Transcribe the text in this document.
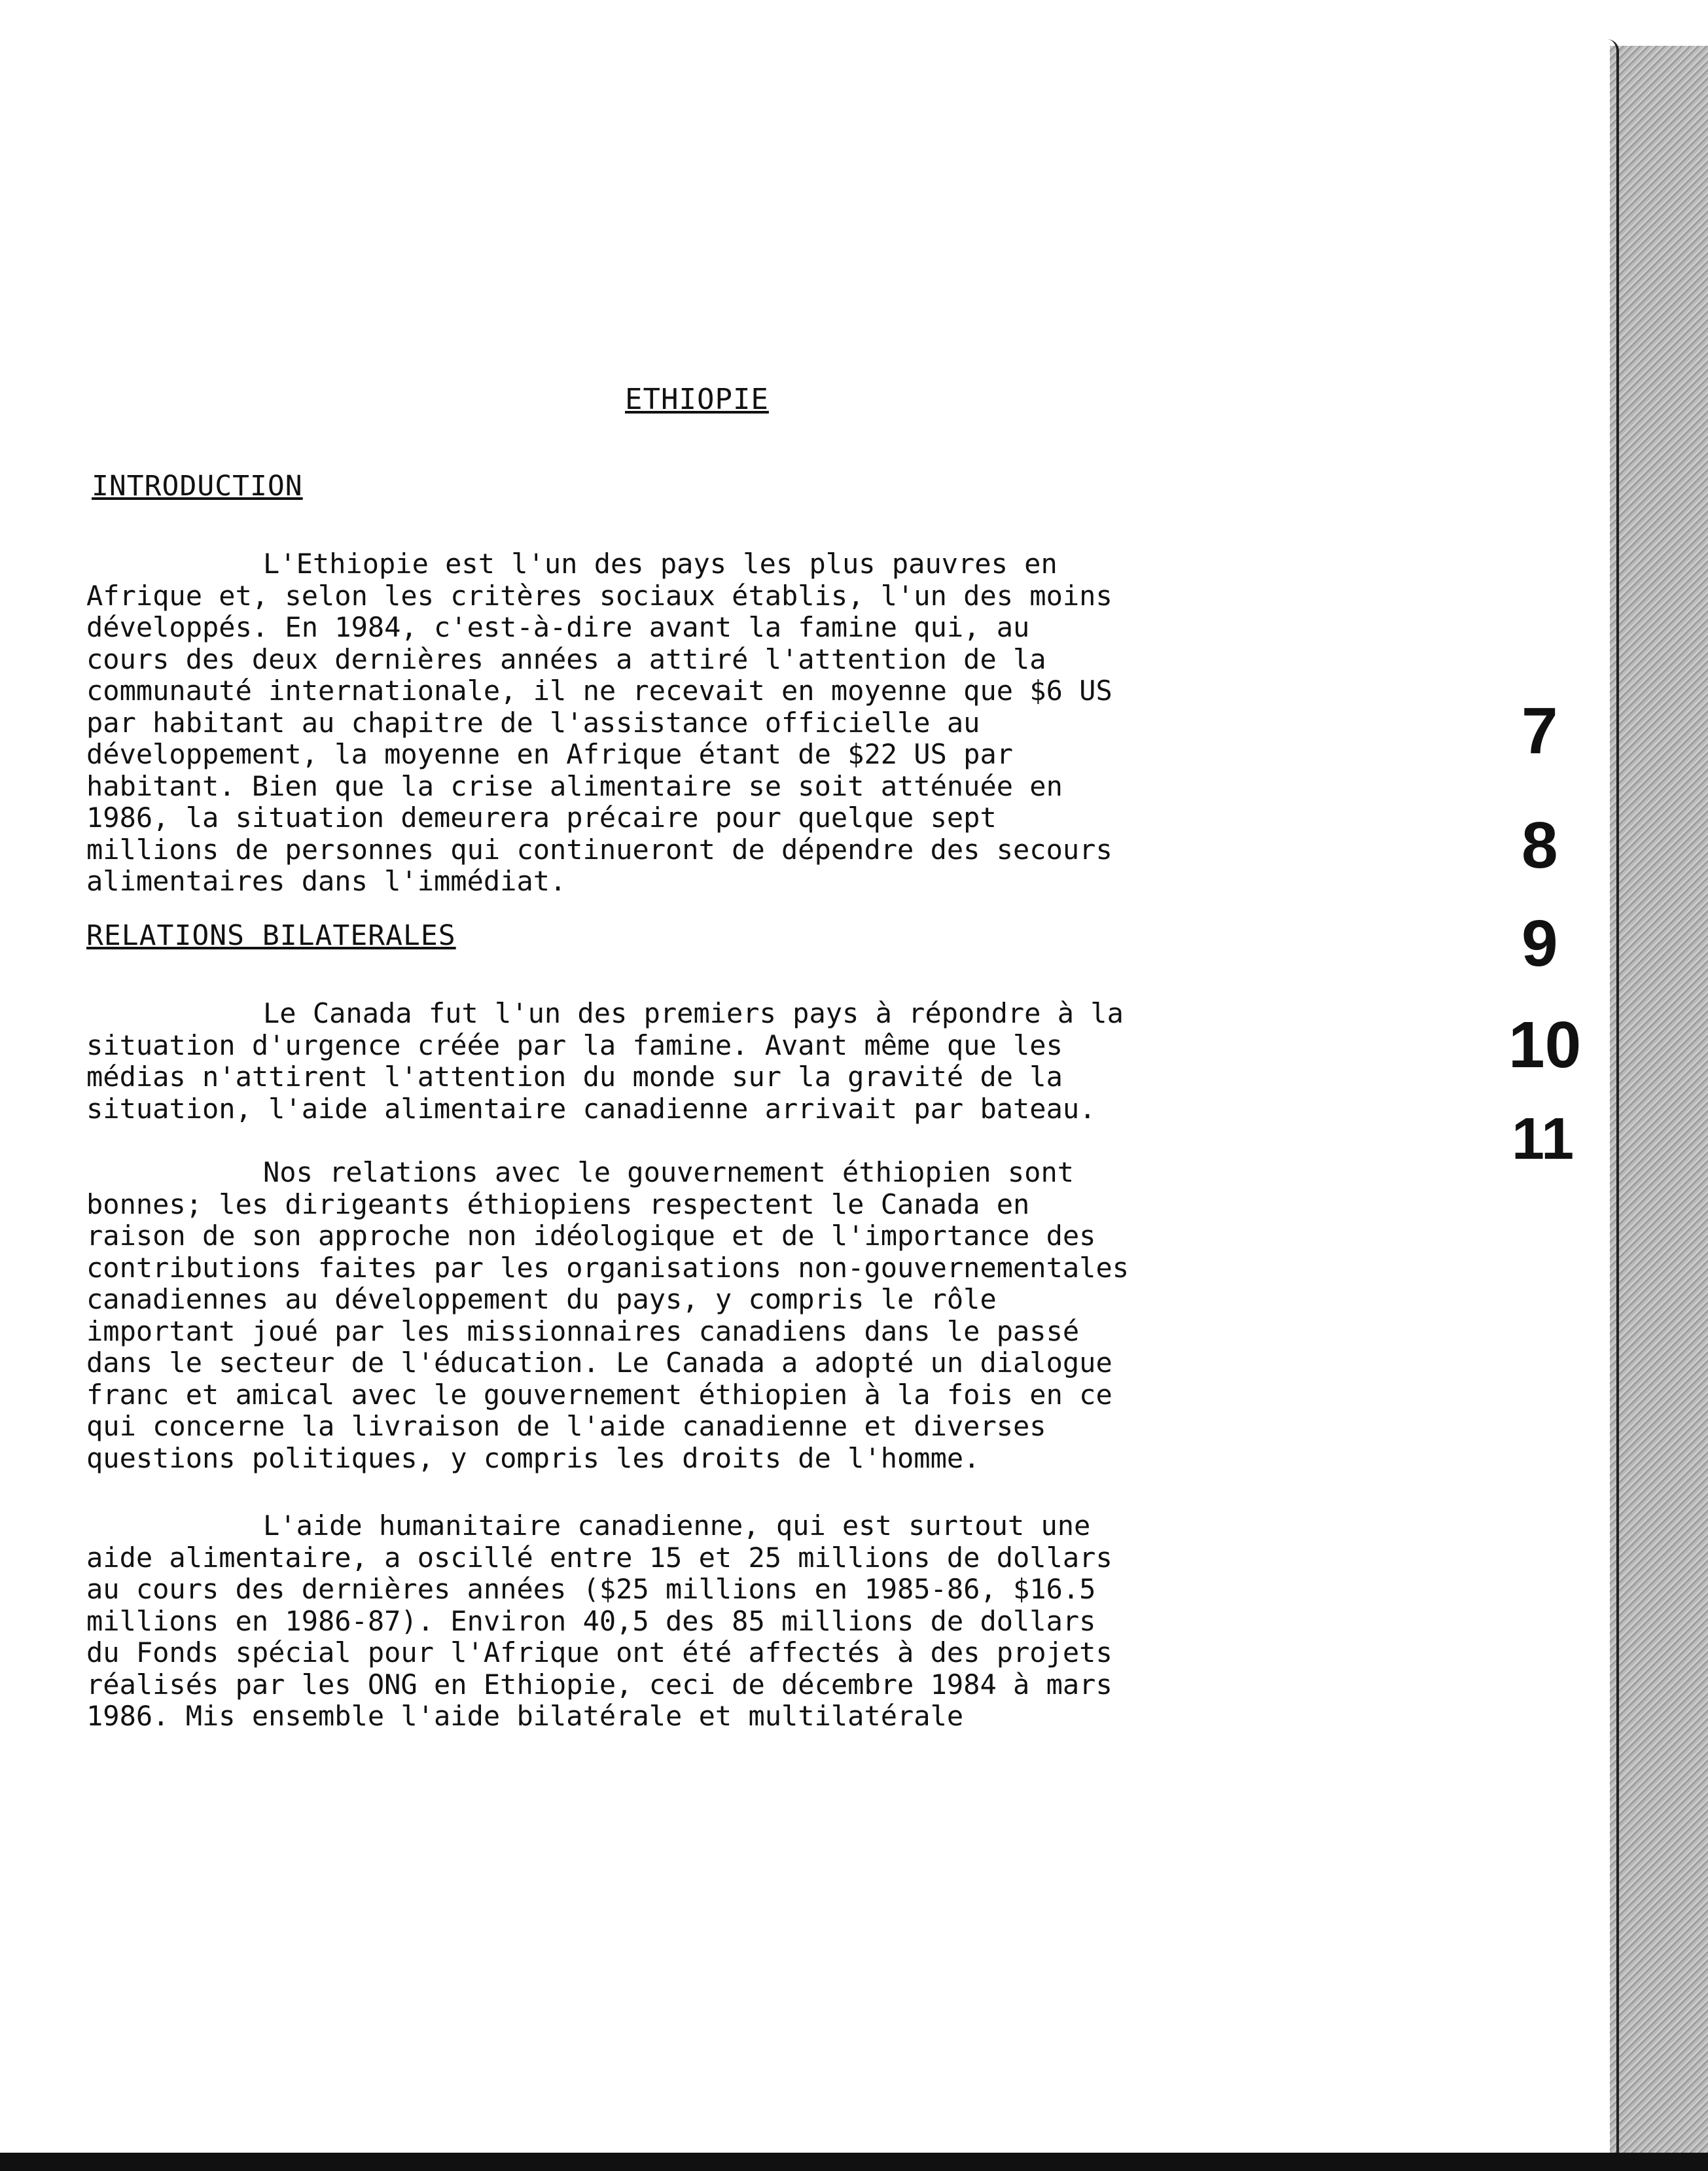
ETHIOPIE
INTRODUCTION

L'Ethiopie est l'un des pays les plus pauvres en
Afrique et, selon les critères sociaux établis, l'un des moins
développés. En 1984, c'est-à-dire avant la famine qui, au
cours des deux dernières années a attiré l'attention de la
communauté internationale, il ne recevait en moyenne que $6 US
par habitant au chapitre de l'assistance officielle au
développement, la moyenne en Afrique étant de $22 US par
habitant. Bien que la crise alimentaire se soit atténuée en
1986, la situation demeurera précaire pour quelque sept
millions de personnes qui continueront de dépendre des secours
alimentaires dans l'immédiat.

RELATIONS BILATERALES

Le Canada fut l'un des premiers pays à répondre à la
situation d'urgence créée par la famine. Avant même que les
médias n'attirent l'attention du monde sur la gravité de la
situation, l'aide alimentaire canadienne arrivait par bateau.

Nos relations avec le gouvernement éthiopien sont
bonnes; les dirigeants éthiopiens respectent le Canada en
raison de son approche non idéologique et de l'importance des
contributions faites par les organisations non-gouvernementales
canadiennes au développement du pays, y compris le rôle
important joué par les missionnaires canadiens dans le passé
dans le secteur de l'éducation. Le Canada a adopté un dialogue
franc et amical avec le gouvernement éthiopien à la fois en ce
qui concerne la livraison de l'aide canadienne et diverses
questions politiques, y compris les droits de l'homme.

L'aide humanitaire canadienne, qui est surtout une
aide alimentaire, a oscillé entre 15 et 25 millions de dollars
au cours des dernières années ($25 millions en 1985-86, $16.5
millions en 1986-87). Environ 40,5 des 85 millions de dollars
du Fonds spécial pour l'Afrique ont été affectés à des projets
réalisés par les ONG en Ethiopie, ceci de décembre 1984 à mars
1986. Mis ensemble l'aide bilatérale et multilatérale

7
8
9
10
11
